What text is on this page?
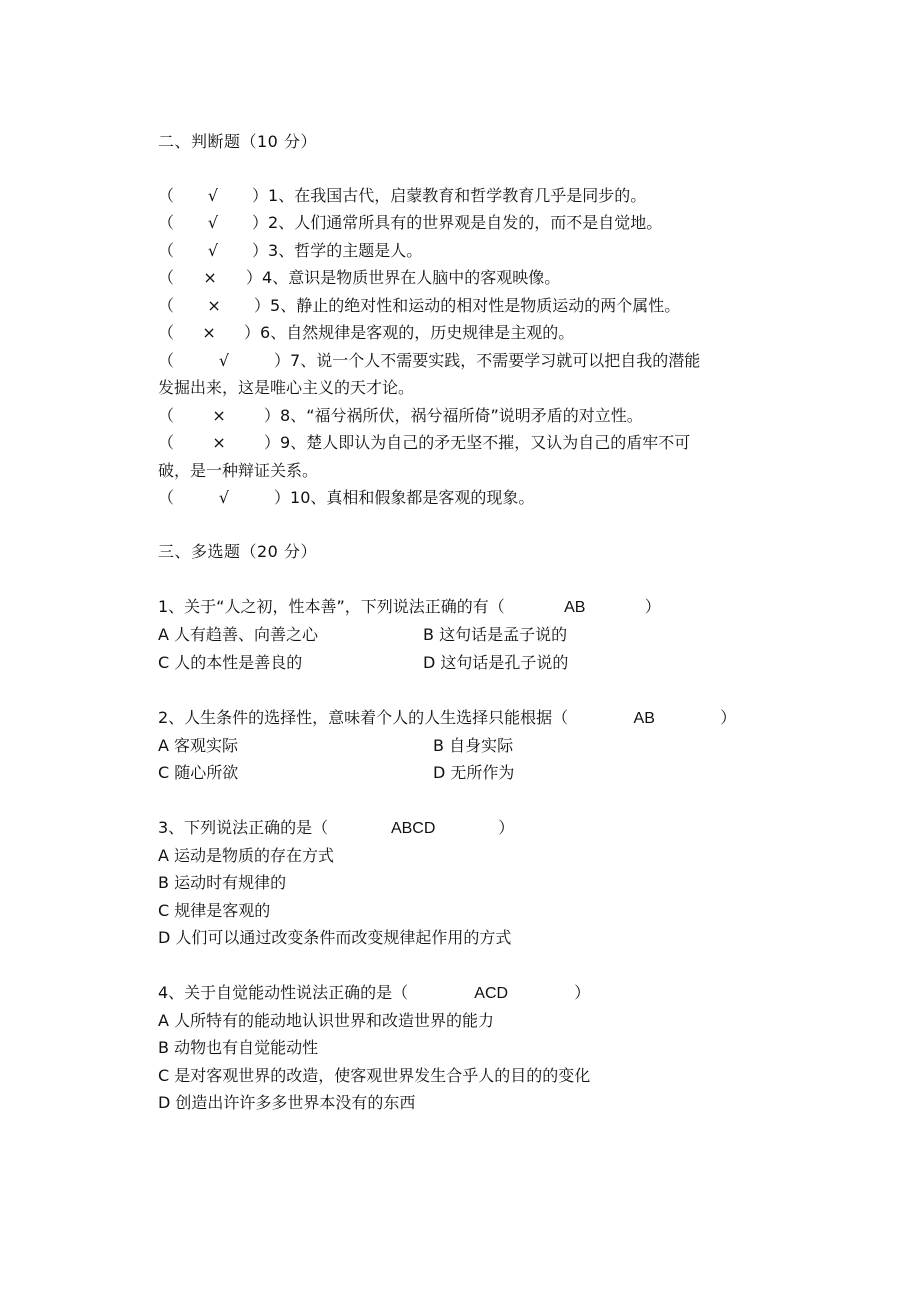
二、判断题（10 分）
（ √ ）1、在我国古代，启蒙教育和哲学教育几乎是同步的。
（ √ ）2、人们通常所具有的世界观是自发的，而不是自觉地。
（ √ ）3、哲学的主题是人。
（ × ）4、意识是物质世界在人脑中的客观映像。
（ × ）5、静止的绝对性和运动的相对性是物质运动的两个属性。
（ × ）6、自然规律是客观的，历史规律是主观的。
（	√	）7、说一个人不需要实践，不需要学习就可以把自我的潜能
发掘出来，这是唯心主义的天才论。
（ × ）8、“福兮祸所伏，祸兮福所倚”说明矛盾的对立性。
（ × ）9、楚人即认为自己的矛无坚不摧，又认为自己的盾牢不可
破，是一种辩证关系。
（	√	）10、真相和假象都是客观的现象。
三、多选题（20 分）
1、关于“人之初，性本善”，下列说法正确的有（	AB	）
A 人有趋善、向善之心	B 这句话是孟子说的
C 人的本性是善良的	D 这句话是孔子说的
2、人生条件的选择性，意味着个人的人生选择只能根据（	AB	）
A 客观实际	B 自身实际
C 随心所欲	D 无所作为
3、下列说法正确的是（	ABCD	）
A 运动是物质的存在方式
B 运动时有规律的
C 规律是客观的
D 人们可以通过改变条件而改变规律起作用的方式
4、关于自觉能动性说法正确的是（	ACD	）
A 人所特有的能动地认识世界和改造世界的能力
B 动物也有自觉能动性
C 是对客观世界的改造，使客观世界发生合乎人的目的的变化
D 创造出许许多多世界本没有的东西
